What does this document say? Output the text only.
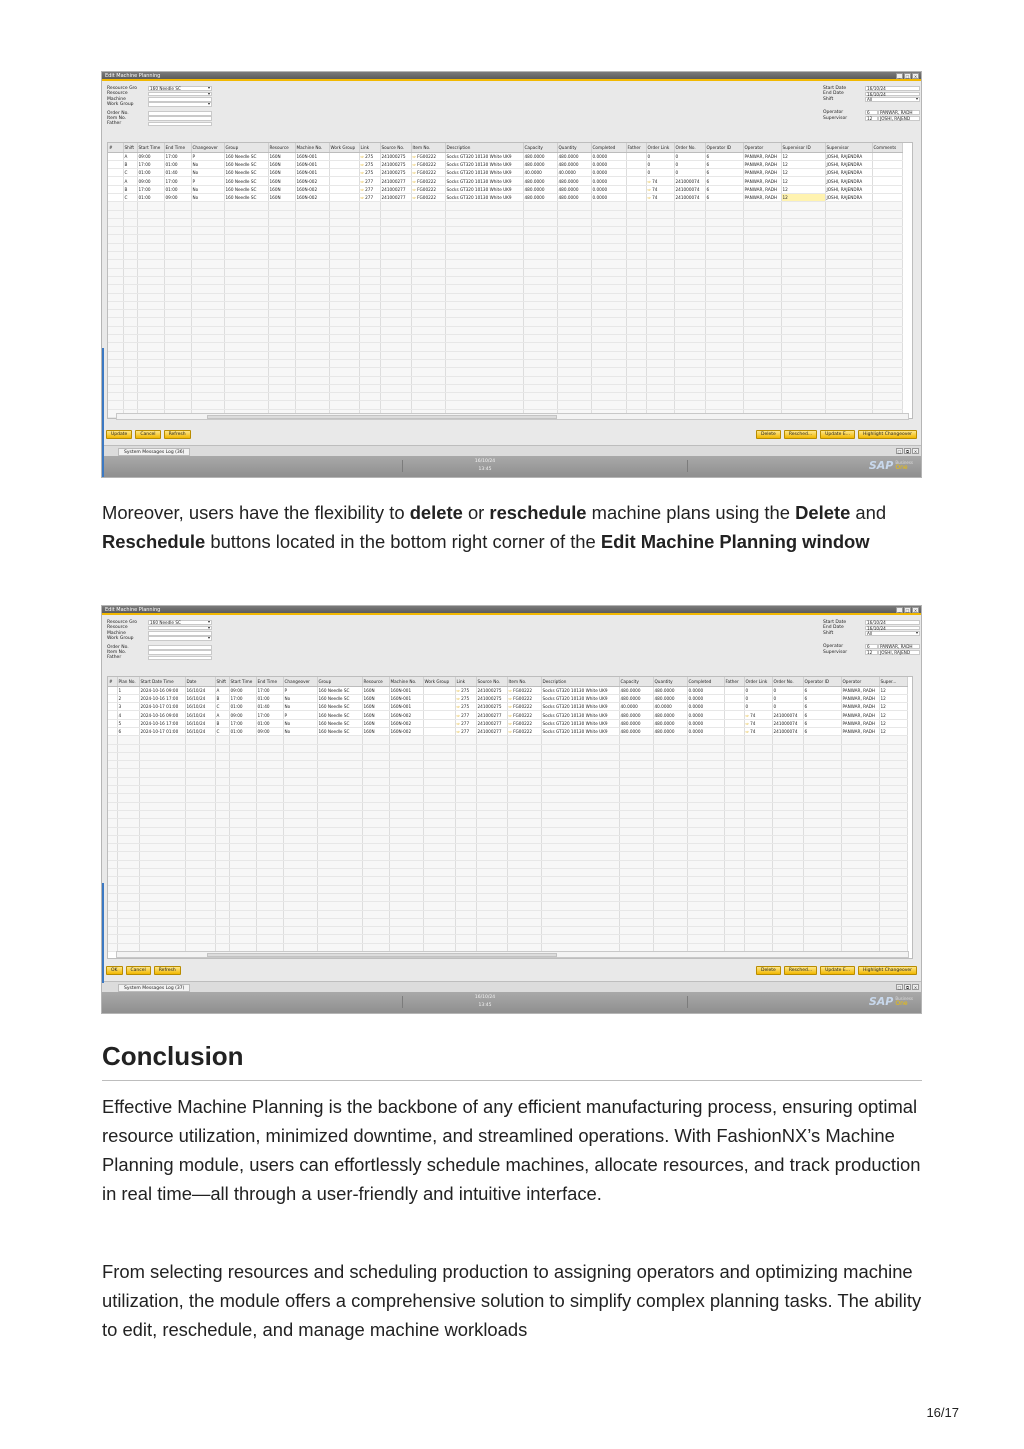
Edit Machine Planning	_	□	×
Resource Gro	160 Needle SC ▾
Resource
▾
Machine
Work Group
▾
Order No.
Item No.
Father
Start Date	16/10/24
End Date	16/10/24
Shift	All ▾
Operator	6	PANWAR, RADH
Supervisor	12	JOSHI, RAJEND
#	Shift	Start Time	End Time	Changeover	Group	Resource	Machine No.	Work Group	Link	Source No.	Item No.	Description	Capacity	Quantity	Completed	Father	Order Link	Order No.	Operator ID	Operator	Supervisor ID	Supervisor	Comments
	A	09:00	17:00	P	160 Needle SC	160N	160N-001		⇨ 275	241000275	⇨ FG00222	Socks GT320 10130 White UK9	480.0000	480.0000	0.0000		0	0	6	PANWAR, RADH	12	JOSHI, RAJENDRA	
	B	17:00	01:00	No	160 Needle SC	160N	160N-001		⇨ 275	241000275	⇨ FG00222	Socks GT320 10130 White UK9	480.0000	480.0000	0.0000		0	0	6	PANWAR, RADH	12	JOSHI, RAJENDRA	
	C	01:00	01:40	No	160 Needle SC	160N	160N-001		⇨ 275	241000275	⇨ FG00222	Socks GT320 10130 White UK9	40.0000	40.0000	0.0000		0	0	6	PANWAR, RADH	12	JOSHI, RAJENDRA	
	A	09:00	17:00	P	160 Needle SC	160N	160N-002		⇨ 277	241000277	⇨ FG00222	Socks GT320 10130 White UK9	480.0000	480.0000	0.0000		⇨ 74	241000074	6	PANWAR, RADH	12	JOSHI, RAJENDRA	
	B	17:00	01:00	No	160 Needle SC	160N	160N-002		⇨ 277	241000277	⇨ FG00222	Socks GT320 10130 White UK9	480.0000	480.0000	0.0000		⇨ 74	241000074	6	PANWAR, RADH	12	JOSHI, RAJENDRA	
	C	01:00	09:00	No	160 Needle SC	160N	160N-002		⇨ 277	241000277	⇨ FG00222	Socks GT320 10130 White UK9	480.0000	480.0000	0.0000		⇨ 74	241000074	6	PANWAR, RADH	12	JOSHI, RAJENDRA	

Update	Cancel	Refresh	Delete	Resched...	Update E...	Highlight Changeover
System Messages Log (36)	□	⧉	×
16/10/24
13:45	SAP Business
One
Moreover, users have the flexibility to delete or reschedule machine plans using the Delete and Reschedule buttons located in the bottom right corner of the Edit Machine Planning window
Edit Machine Planning	_	□	×
Resource Gro	160 Needle SC ▾
Resource
▾
Machine
Work Group
▾
Order No.
Item No.
Father
Start Date	16/10/24
End Date	16/10/24
Shift	All ▾
Operator	6	PANWAR, RADH
Supervisor	12	JOSHI, RAJEND
#	Plan No.	Start Date Time	Date	Shift	Start Time	End Time	Changeover	Group	Resource	Machine No.	Work Group	Link	Source No.	Item No.	Description	Capacity	Quantity	Completed	Father	Order Link	Order No.	Operator ID	Operator	Super...
	1	2024-10-16 09:00	16/10/24	A	09:00	17:00	P	160 Needle SC	160N	160N-001		⇨ 275	241000275	⇨ FG00222	Socks GT320 10130 White UK9	480.0000	480.0000	0.0000		0	0	6	PANWAR, RADH	12
	2	2024-10-16 17:00	16/10/24	B	17:00	01:00	No	160 Needle SC	160N	160N-001		⇨ 275	241000275	⇨ FG00222	Socks GT320 10130 White UK9	480.0000	480.0000	0.0000		0	0	6	PANWAR, RADH	12
	3	2024-10-17 01:00	16/10/24	C	01:00	01:40	No	160 Needle SC	160N	160N-001		⇨ 275	241000275	⇨ FG00222	Socks GT320 10130 White UK9	40.0000	40.0000	0.0000		0	0	6	PANWAR, RADH	12
	4	2024-10-16 09:00	16/10/24	A	09:00	17:00	P	160 Needle SC	160N	160N-002		⇨ 277	241000277	⇨ FG00222	Socks GT320 10130 White UK9	480.0000	480.0000	0.0000		⇨ 74	241000074	6	PANWAR, RADH	12
	5	2024-10-16 17:00	16/10/24	B	17:00	01:00	No	160 Needle SC	160N	160N-002		⇨ 277	241000277	⇨ FG00222	Socks GT320 10130 White UK9	480.0000	480.0000	0.0000		⇨ 74	241000074	6	PANWAR, RADH	12
	6	2024-10-17 01:00	16/10/24	C	01:00	09:00	No	160 Needle SC	160N	160N-002		⇨ 277	241000277	⇨ FG00222	Socks GT320 10130 White UK9	480.0000	480.0000	0.0000		⇨ 74	241000074	6	PANWAR, RADH	12

OK	Cancel	Refresh	Delete	Resched...	Update E...	Highlight Changeover
System Messages Log (37)	□	⧉	×
16/10/24
13:45	SAP Business
One
Conclusion
Effective Machine Planning is the backbone of any efficient manufacturing process, ensuring optimal resource utilization, minimized downtime, and streamlined operations. With FashionNX’s Machine Planning module, users can effortlessly schedule machines, allocate resources, and track production in real time—all through a user-friendly and intuitive interface.
From selecting resources and scheduling production to assigning operators and optimizing machine utilization, the module offers a comprehensive solution to simplify complex planning tasks. The ability to edit, reschedule, and manage machine workloads
16/17
